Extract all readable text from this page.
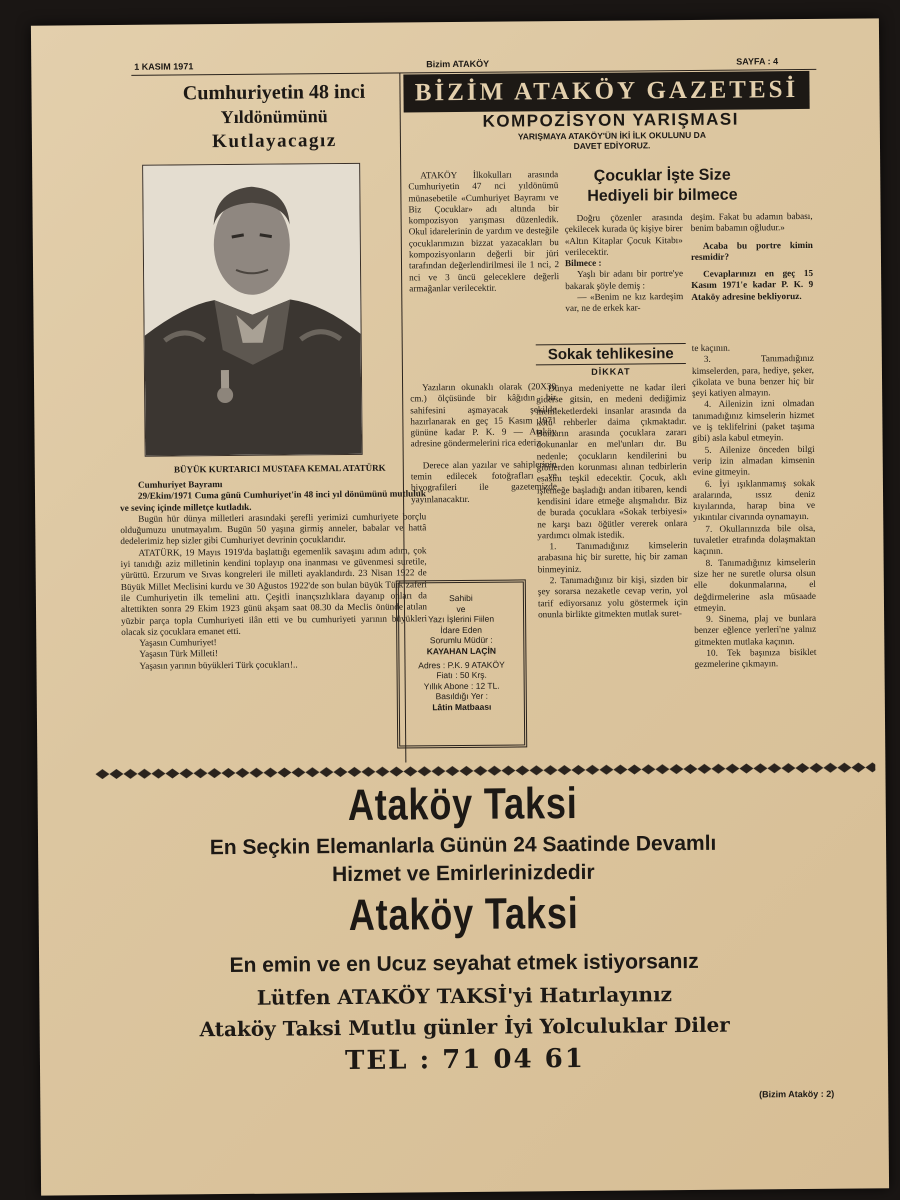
1 KASIM 1971	Bizim ATAKÖY	SAYFA : 4
Cumhuriyetin 48 inci
Yıldönümünü
Kutlayacagız
BÜYÜK KURTARICI MUSTAFA KEMAL ATATÜRK

Cumhuriyet Bayramı

29/Ekim/1971 Cuma günü Cumhuriyet'in 48 inci yıl dönümünü mutluluk ve sevinç içinde milletçe kutladık.

Bugün hür dünya milletleri arasındaki şerefli yerimizi cumhuriyete borçlu olduğumuzu unutmayalım. Bugün 50 yaşına girmiş anneler, babalar ve hattâ dedelerimiz hep sizler gibi Cumhuriyet devrinin çocuklarıdır.

ATATÜRK, 19 Mayıs 1919'da başlattığı egemenlik savaşını adım adım, çok iyi tanıdığı aziz milletinin kendini toplayıp ona inanması ve güvenmesi suretile, yürüttü. Erzurum ve Sıvas kongreleri ile milleti ayaklandırdı. 23 Nisan 1922 de Büyük Millet Meclisini kurdu ve 30 Ağustos 1922'de son bulan büyük Türk zaferi ile Cumhuriyetin ilk temelini attı. Çeşitli inançsızlıklara dayanıp onları da altettikten sonra 29 Ekim 1923 günü akşam saat 08.30 da Meclis önünde atılan yüzbir parça topla Cumhuriyeti ilân etti ve bu cumhuriyeti yarının büyükleri olacak siz çocuklara emanet etti.

Yaşasın Cumhuriyet!

Yaşasın Türk Milleti!

Yaşasın yarının büyükleri Türk çocukları!..

BİZİM ATAKÖY GAZETESİ
KOMPOZİSYON YARIŞMASI
YARIŞMAYA ATAKÖY'ÜN İKİ İLK OKULUNU DA
DAVET EDİYORUZ.

ATAKÖY İlkokulları arasında Cumhuriyetin 47 nci yıldönümü münasebetile «Cumhuriyet Bayramı ve Biz Çocuklar» adı altında bir kompozisyon yarışması düzenledik. Okul idarelerinin de yardım ve desteğile çocuklarımızın bizzat yazacakları bu kompozisyonların değerli bir jüri tarafından değerlendirilmesi ile 1 nci, 2 nci ve 3 üncü geleceklere değerli armağanlar verilecektir.

Yazıların okunaklı olarak (20X30 cm.) ölçüsünde bir kâğıdın bir sahifesini aşmayacak şekilde hazırlanarak en geç 15 Kasım 1971 gününe kadar P. K. 9 — Ataköy adresine göndermelerini rica ederiz.

Derece alan yazılar ve sahiplerinin temin edilecek fotoğrafları ve biyografileri ile gazetemizde yayınlanacaktır.

Çocuklar İşte Size
Hediyeli bir bilmece

Doğru çözenler arasında çekilecek kurada üç kişiye birer «Altın Kitaplar Çocuk Kitabı» verilecektir.

Bilmece :

Yaşlı bir adanı bir portre'ye bakarak şöyle demiş :

— «Benim ne kız kardeşim var, ne de erkek kar-

deşim. Fakat bu adamın babası, benim babamın oğludur.»

Acaba bu portre kimin resmidir?

Cevaplarınızı en geç 15 Kasım 1971'e kadar P. K. 9 Ataköy adresine bekliyoruz.

Sokak tehlikesine
DİKKAT

Dünya medeniyette ne kadar ileri giderse gitsin, en medeni dediğimiz memleketlerdeki insanlar arasında da kötü rehberler daima çıkmaktadır. Bunların arasında çocuklara zararı dokunanlar en mel'unları dır. Bu nedenle; çocukların kendilerini bu gibilerden korunması alınan tedbirlerin esasını teşkil edecektir. Çocuk, aklı işlemeğe başladığı andan itibaren, kendi kendisini idare etmeğe alışmalıdır. Biz de burada çocuklara «Sokak terbiyesi» ne karşı bazı öğütler vererek onlara yardımcı olmak istedik.

1. Tanımadığınız kimselerin arabasına hiç bir surette, hiç bir zaman binmeyiniz.

2. Tanımadığınız bir kişi, sizden bir şey sorarsa nezaketle cevap verin, yol tarif ediyorsanız yolu göstermek için onunla birlikte gitmekten mutlak suret-

te kaçının.

3. Tanımadığınız kimselerden, para, hediye, şeker, çikolata ve buna benzer hiç bir şeyi katiyen almayın.

4. Ailenizin izni olmadan tanımadığınız kimselerin hizmet ve iş teklifelrini (paket taşıma gibi) asla kabul etmeyin.

5. Ailenize önceden bilgi verip izin almadan kimsenin evine gitmeyin.

6. İyi ışıklanmamış sokak aralarında, ıssız deniz kıyılarında, harap bina ve yıkıntılar civarında oynamayın.

7. Okullarınızda bile olsa, tuvaletler etrafında dolaşmaktan kaçının.

8. Tanımadığınız kimselerin size her ne suretle olursa olsun elle dokunmalarına, el değdirmelerine asla müsaade etmeyin.

9. Sinema, plaj ve bunlara benzer eğlence yerleri'ne yalnız gitmekten mutlaka kaçının.

10. Tek başınıza bisiklet gezmelerine çıkmayın.

Sahibi
ve
Yazı İşlerini Fiilen
İdare Eden
Sorumlu Müdür :
KAYAHAN LAÇİN
Adres : P.K. 9 ATAKÖY
Fiatı : 50 Krş.
Yıllık Abone : 12 TL.
Basıldığı Yer :
Lâtin Matbaası
Ataköy Taksi
En Seçkin Elemanlarla Günün 24 Saatinde Devamlı
Hizmet ve Emirlerinizdedir
Ataköy Taksi
En emin ve en Ucuz seyahat etmek istiyorsanız
Lütfen ATAKÖY TAKSİ'yi Hatırlayınız
Ataköy Taksi Mutlu günler İyi Yolculuklar Diler
TEL : 71 04 61
(Bizim Ataköy : 2)
